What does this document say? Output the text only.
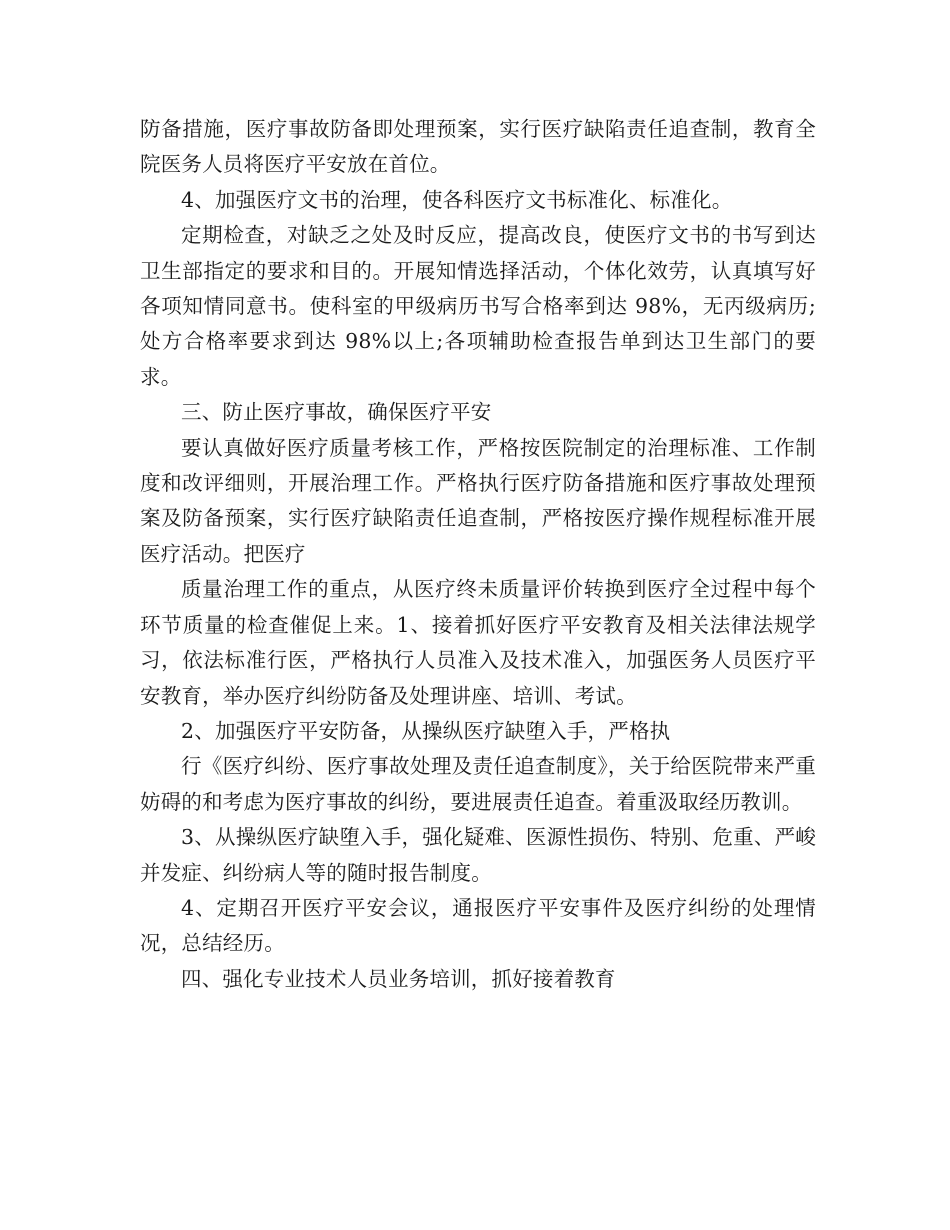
防备措施，医疗事故防备即处理预案，实行医疗缺陷责任追查制，教育全院医务人员将医疗平安放在首位。

4、加强医疗文书的治理，使各科医疗文书标准化、标准化。

定期检查，对缺乏之处及时反应，提高改良，使医疗文书的书写到达卫生部指定的要求和目的。开展知情选择活动，个体化效劳，认真填写好各项知情同意书。使科室的甲级病历书写合格率到达 98%，无丙级病历;处方合格率要求到达 98%以上;各项辅助检查报告单到达卫生部门的要求。

三、防止医疗事故，确保医疗平安

要认真做好医疗质量考核工作，严格按医院制定的治理标准、工作制度和改评细则，开展治理工作。严格执行医疗防备措施和医疗事故处理预案及防备预案，实行医疗缺陷责任追查制，严格按医疗操作规程标准开展医疗活动。把医疗

质量治理工作的重点，从医疗终未质量评价转换到医疗全过程中每个环节质量的检查催促上来。1、接着抓好医疗平安教育及相关法律法规学习，依法标准行医，严格执行人员准入及技术准入，加强医务人员医疗平安教育，举办医疗纠纷防备及处理讲座、培训、考试。

2、加强医疗平安防备，从操纵医疗缺堕入手，严格执

行《医疗纠纷、医疗事故处理及责任追查制度》，关于给医院带来严重妨碍的和考虑为医疗事故的纠纷，要进展责任追查。着重汲取经历教训。

3、从操纵医疗缺堕入手，强化疑难、医源性损伤、特别、危重、严峻并发症、纠纷病人等的随时报告制度。

4、定期召开医疗平安会议，通报医疗平安事件及医疗纠纷的处理情况，总结经历。

四、强化专业技术人员业务培训，抓好接着教育
